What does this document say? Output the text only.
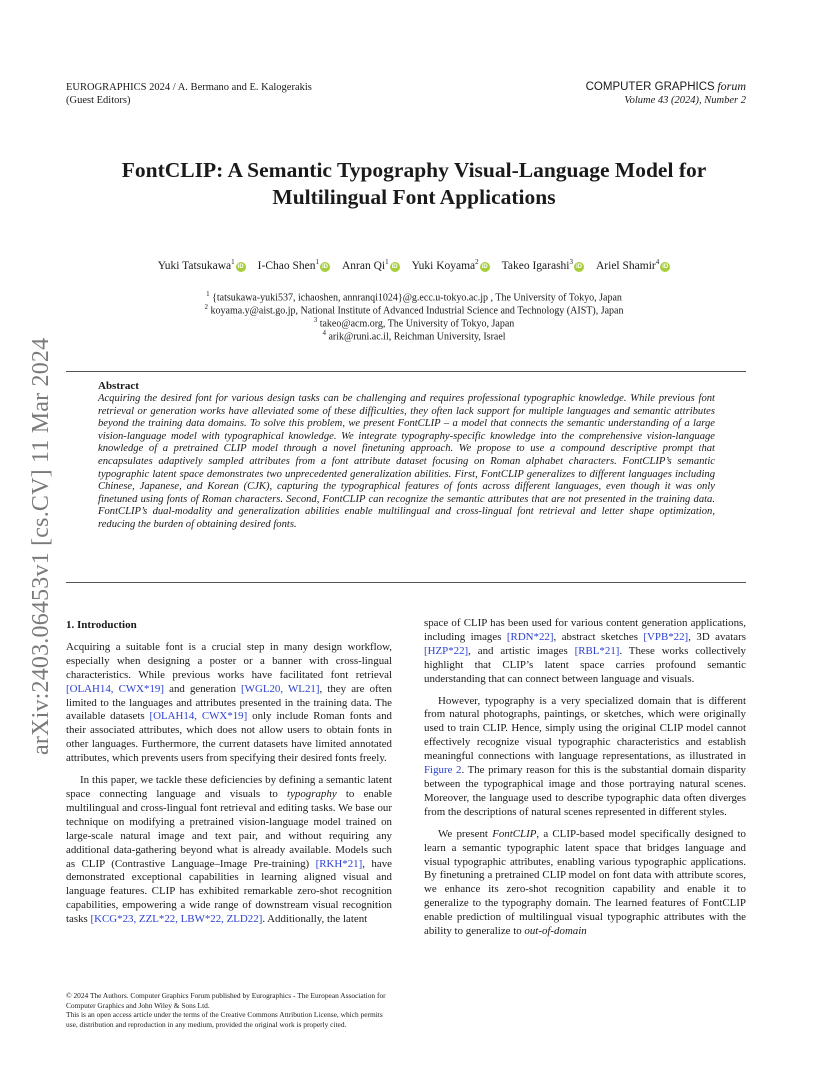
EUROGRAPHICS 2024 / A. Bermano and E. Kalogerakis
(Guest Editors)
COMPUTER GRAPHICS forum
Volume 43 (2024), Number 2
arXiv:2403.06453v1 [cs.CV] 11 Mar 2024
FontCLIP: A Semantic Typography Visual-Language Model for
Multilingual Font Applications
Yuki Tatsukawa$^1$iD I-Chao Shen$^1$iD Anran Qi$^1$iD Yuki Koyama$^2$iD Takeo Igarashi$^3$iD Ariel Shamir$^4$iD
$^1$ {tatsukawa-yuki537, ichaoshen, annranqi1024}@g.ecc.u-tokyo.ac.jp , The University of Tokyo, Japan
$^2$ koyama.y@aist.go.jp, National Institute of Advanced Industrial Science and Technology (AIST), Japan
$^3$ takeo@acm.org, The University of Tokyo, Japan
$^4$ arik@runi.ac.il, Reichman University, Israel
Abstract
Acquiring the desired font for various design tasks can be challenging and requires professional typographic knowledge. While previous font retrieval or generation works have alleviated some of these difficulties, they often lack support for multiple languages and semantic attributes beyond the training data domains. To solve this problem, we present FontCLIP – a model that connects the semantic understanding of a large vision-language model with typographical knowledge. We integrate typography-specific knowledge into the comprehensive vision-language knowledge of a pretrained CLIP model through a novel finetuning approach. We propose to use a compound descriptive prompt that encapsulates adaptively sampled attributes from a font attribute dataset focusing on Roman alphabet characters. FontCLIP’s semantic typographic latent space demonstrates two unprecedented generalization abilities. First, FontCLIP generalizes to different languages including Chinese, Japanese, and Korean (CJK), capturing the typographical features of fonts across different languages, even though it was only finetuned using fonts of Roman characters. Second, FontCLIP can recognize the semantic attributes that are not presented in the training data. FontCLIP’s dual-modality and generalization abilities enable multilingual and cross-lingual font retrieval and letter shape optimization, reducing the burden of obtaining desired fonts.
1. Introduction

Acquiring a suitable font is a crucial step in many design workflow, especially when designing a poster or a banner with cross-lingual characteristics. While previous works have facilitated font retrieval [OLAH14, CWX*19] and generation [WGL20, WL21], they are often limited to the languages and attributes presented in the training data. The available datasets [OLAH14, CWX*19] only include Roman fonts and their associated attributes, which does not allow users to obtain fonts in other languages. Furthermore, the current datasets have limited annotated attributes, which prevents users from specifying their desired fonts freely.

In this paper, we tackle these deficiencies by defining a semantic latent space connecting language and visuals to typography to enable multilingual and cross-lingual font retrieval and editing tasks. We base our technique on modifying a pretrained vision-language model trained on large-scale natural image and text pair, and without requiring any additional data-gathering beyond what is already available. Models such as CLIP (Contrastive Language–Image Pre-training) [RKH*21], have demonstrated exceptional capabilities in learning aligned visual and language features. CLIP has exhibited remarkable zero-shot recognition capabilities, empowering a wide range of downstream visual recognition tasks [KCG*23, ZZL*22, LBW*22, ZLD22]. Additionally, the latent

space of CLIP has been used for various content generation applications, including images [RDN*22], abstract sketches [VPB*22], 3D avatars [HZP*22], and artistic images [RBL*21]. These works collectively highlight that CLIP’s latent space carries profound semantic understanding that can connect between language and visuals.

However, typography is a very specialized domain that is different from natural photographs, paintings, or sketches, which were originally used to train CLIP. Hence, simply using the original CLIP model cannot effectively recognize visual typographic characteristics and establish meaningful connections with language representations, as illustrated in Figure 2. The primary reason for this is the substantial domain disparity between the typographical image and those portraying natural scenes. Moreover, the language used to describe typographic data often diverges from the descriptions of natural scenes represented in different styles.

We present FontCLIP, a CLIP-based model specifically designed to learn a semantic typographic latent space that bridges language and visual typographic attributes, enabling various typographic applications. By finetuning a pretrained CLIP model on font data with attribute scores, we enhance its zero-shot recognition capability and enable it to generalize to the typography domain. The learned features of FontCLIP enable prediction of multilingual visual typographic attributes with the ability to generalize to out-of-domain

© 2024 The Authors. Computer Graphics Forum published by Eurographics - The European Association for Computer Graphics and John Wiley & Sons Ltd.
This is an open access article under the terms of the Creative Commons Attribution License, which permits use, distribution and reproduction in any medium, provided the original work is properly cited.
